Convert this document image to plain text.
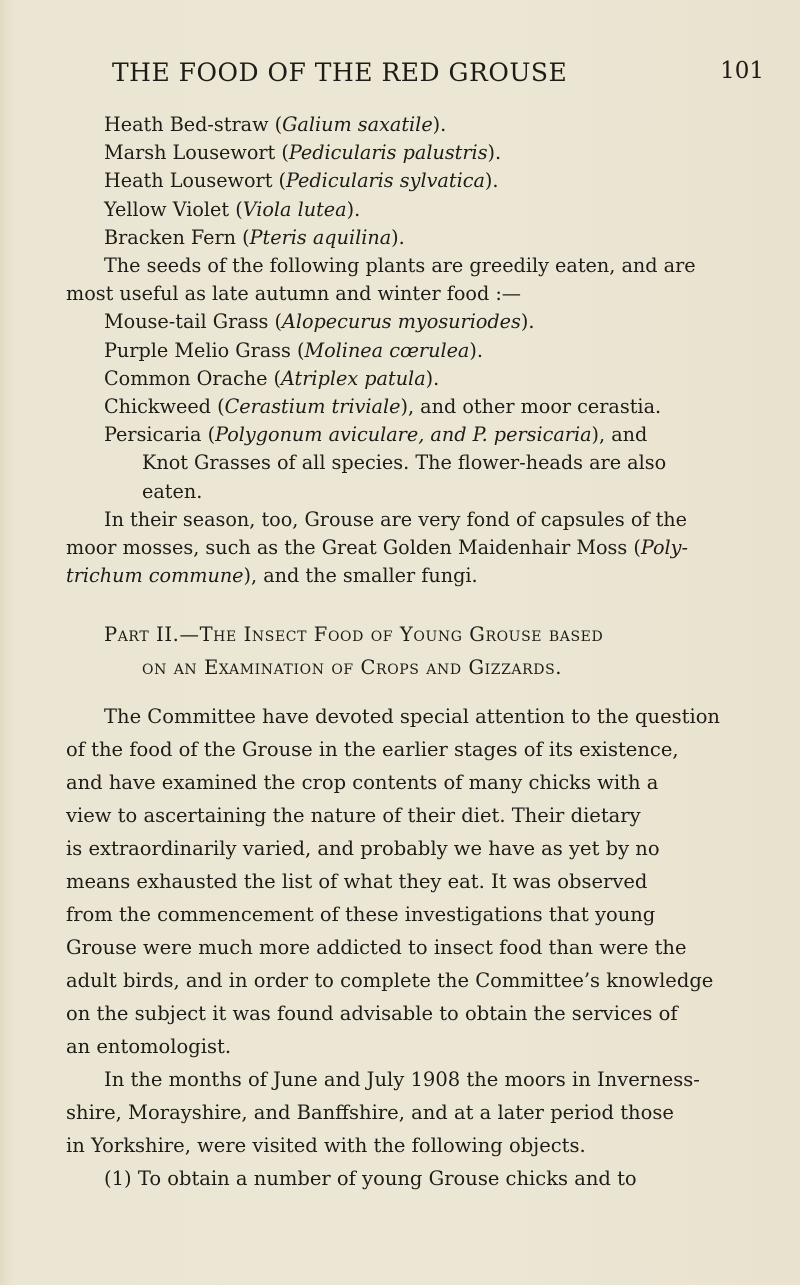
THE FOOD OF THE RED GROUSE	101
Heath Bed-straw (Galium saxatile).
Marsh Lousewort (Pedicularis palustris).
Heath Lousewort (Pedicularis sylvatica).
Yellow Violet (Viola lutea).
Bracken Fern (Pteris aquilina).
The seeds of the following plants are greedily eaten, and are
most useful as late autumn and winter food :—
Mouse-tail Grass (Alopecurus myosuriodes).
Purple Melio Grass (Molinea cœrulea).
Common Orache (Atriplex patula).
Chickweed (Cerastium triviale), and other moor cerastia.
Persicaria (Polygonum aviculare, and P. persicaria), and
Knot Grasses of all species. The flower-heads are also
eaten.
In their season, too, Grouse are very fond of capsules of the
moor mosses, such as the Great Golden Maidenhair Moss (Poly-
trichum commune), and the smaller fungi.
Part II.—The Insect Food of Young Grouse based
on an Examination of Crops and Gizzards.
The Committee have devoted special attention to the question
of the food of the Grouse in the earlier stages of its existence,
and have examined the crop contents of many chicks with a
view to ascertaining the nature of their diet. Their dietary
is extraordinarily varied, and probably we have as yet by no
means exhausted the list of what they eat. It was observed
from the commencement of these investigations that young
Grouse were much more addicted to insect food than were the
adult birds, and in order to complete the Committee’s knowledge
on the subject it was found advisable to obtain the services of
an entomologist.
In the months of June and July 1908 the moors in Inverness-
shire, Morayshire, and Banffshire, and at a later period those
in Yorkshire, were visited with the following objects.
(1) To obtain a number of young Grouse chicks and to
